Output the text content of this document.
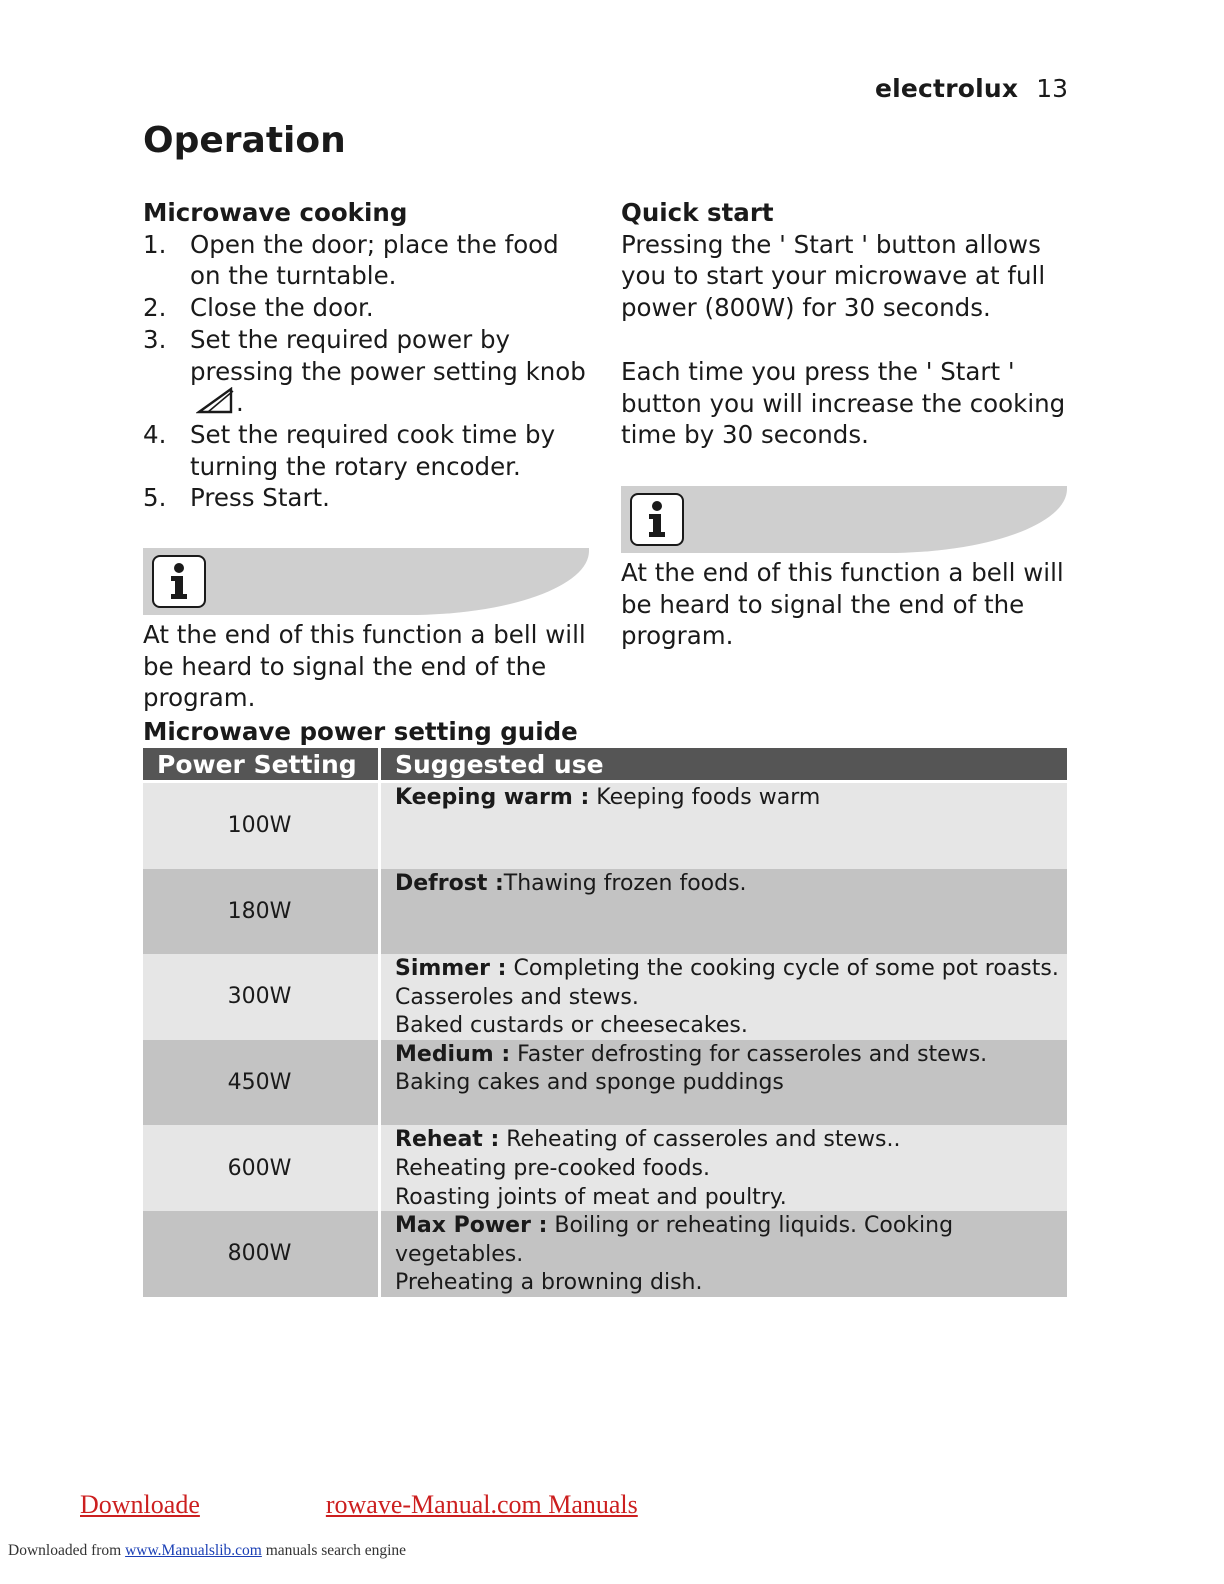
electrolux 13
Operation
Microwave cooking
1. Open the door; place the food on the turntable.
2. Close the door.
3. Set the required power by pressing the power setting knob.
4. Set the required cook time by turning the rotary encoder.
5. Press Start.

At the end of this function a bell will be heard to signal the end of the program.

Quick start

Pressing the ' Start ' button allows you to start your microwave at full power (800W) for 30 seconds.

Each time you press the ' Start ' button you will increase the cooking time by 30 seconds.

At the end of this function a bell will be heard to signal the end of the program.

Microwave power setting guide
Power Setting	Suggested use
100W
Keeping warm : Keeping foods warm
180W
Defrost :Thawing frozen foods.
300W
Simmer : Completing the cooking cycle of some pot roasts.
Casseroles and stews.
Baked custards or cheesecakes.
450W
Medium : Faster defrosting for casseroles and stews.
Baking cakes and sponge puddings
600W
Reheat : Reheating of casseroles and stews..
Reheating pre-cooked foods.
Roasting joints of meat and poultry.
800W
Max Power : Boiling or reheating liquids. Cooking vegetables.
Preheating a browning dish.
Downloade	rowave-Manual.com Manuals
Downloaded from www.Manualslib.com manuals search engine
